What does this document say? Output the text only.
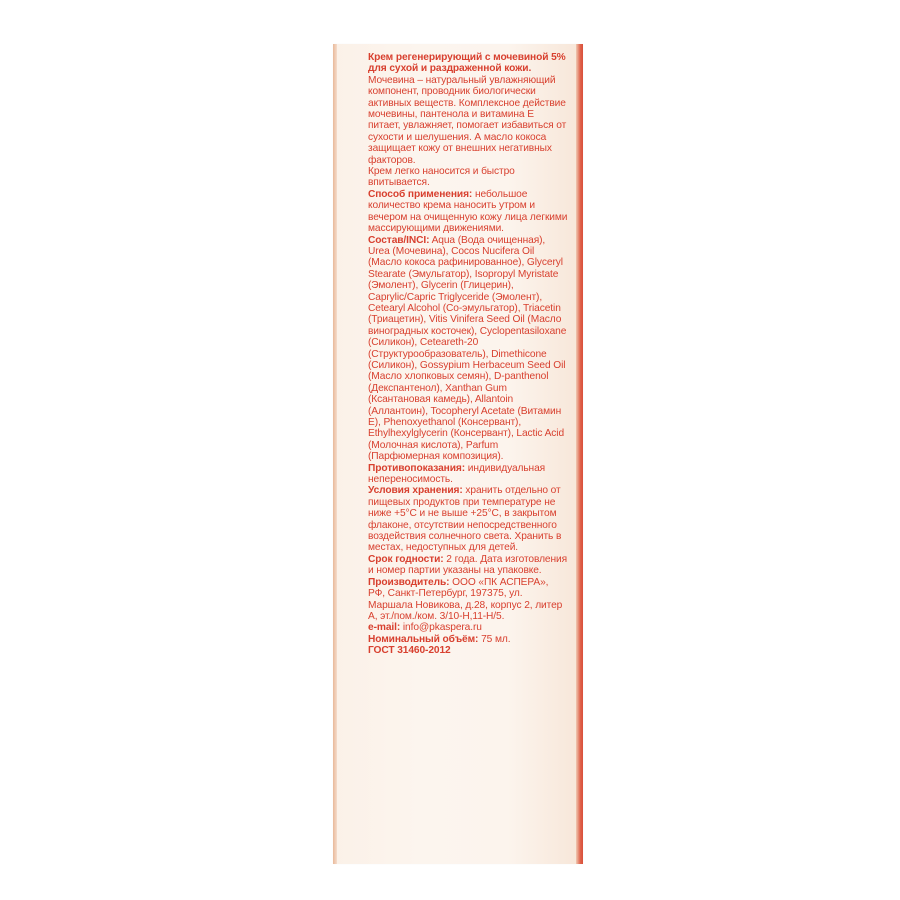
Крем регенерирующий с мочевиной 5% для сухой и раздраженной кожи.

Мочевина – натуральный увлажняющий компонент, проводник биологически активных веществ. Комплексное действие мочевины, пантенола и витамина Е питает, увлажняет, помогает избавиться от сухости и шелушения. А масло кокоса защищает кожу от внешних негативных факторов.

Крем легко наносится и быстро впитывается.

Способ применения: небольшое количество крема наносить утром и вечером на очищенную кожу лица легкими массирующими движениями.

Состав/INCI: Aqua (Вода очищенная), Urea (Мочевина), Cocos Nucifera Oil (Масло кокоса рафинированное), Glyceryl Stearate (Эмульгатор), Isopropyl Myristate (Эмолент), Glycerin (Глицерин), Caprylic/Capric Triglyceride (Эмолент), Cetearyl Alcohol (Со-эмульгатор), Triacetin (Триацетин), Vitis Vinifera Seed Oil (Масло виноградных косточек), Cyclopentasiloxane (Силикон), Ceteareth-20 (Структурообразователь), Dimethicone (Силикон), Gossypium Herbaceum Seed Oil (Масло хлопковых семян), D-panthenol (Декспантенол), Xanthan Gum (Ксантановая камедь), Allantoin (Аллантоин), Tocopheryl Acetate (Витамин Е), Phenoxyethanol (Консервант), Ethylhexylglycerin (Консервант), Lactic Acid (Молочная кислота), Parfum (Парфюмерная композиция).

Противопоказания: индивидуальная непереносимость.

Условия хранения: хранить отдельно от пищевых продуктов при температуре не ниже +5°С и не выше +25°С, в закрытом флаконе, отсутствии непосредственного воздействия солнечного света. Хранить в местах, недоступных для детей.

Срок годности: 2 года. Дата изготовления и номер партии указаны на упаковке.

Производитель: ООО «ПК АСПЕРА», РФ, Санкт-Петербург, 197375, ул. Маршала Новикова, д.28, корпус 2, литер А, эт./пом./ком. 3/10-Н,11-Н/5.

e-mail: info@pkaspera.ru

Номинальный объём: 75 мл.

ГОСТ 31460-2012
